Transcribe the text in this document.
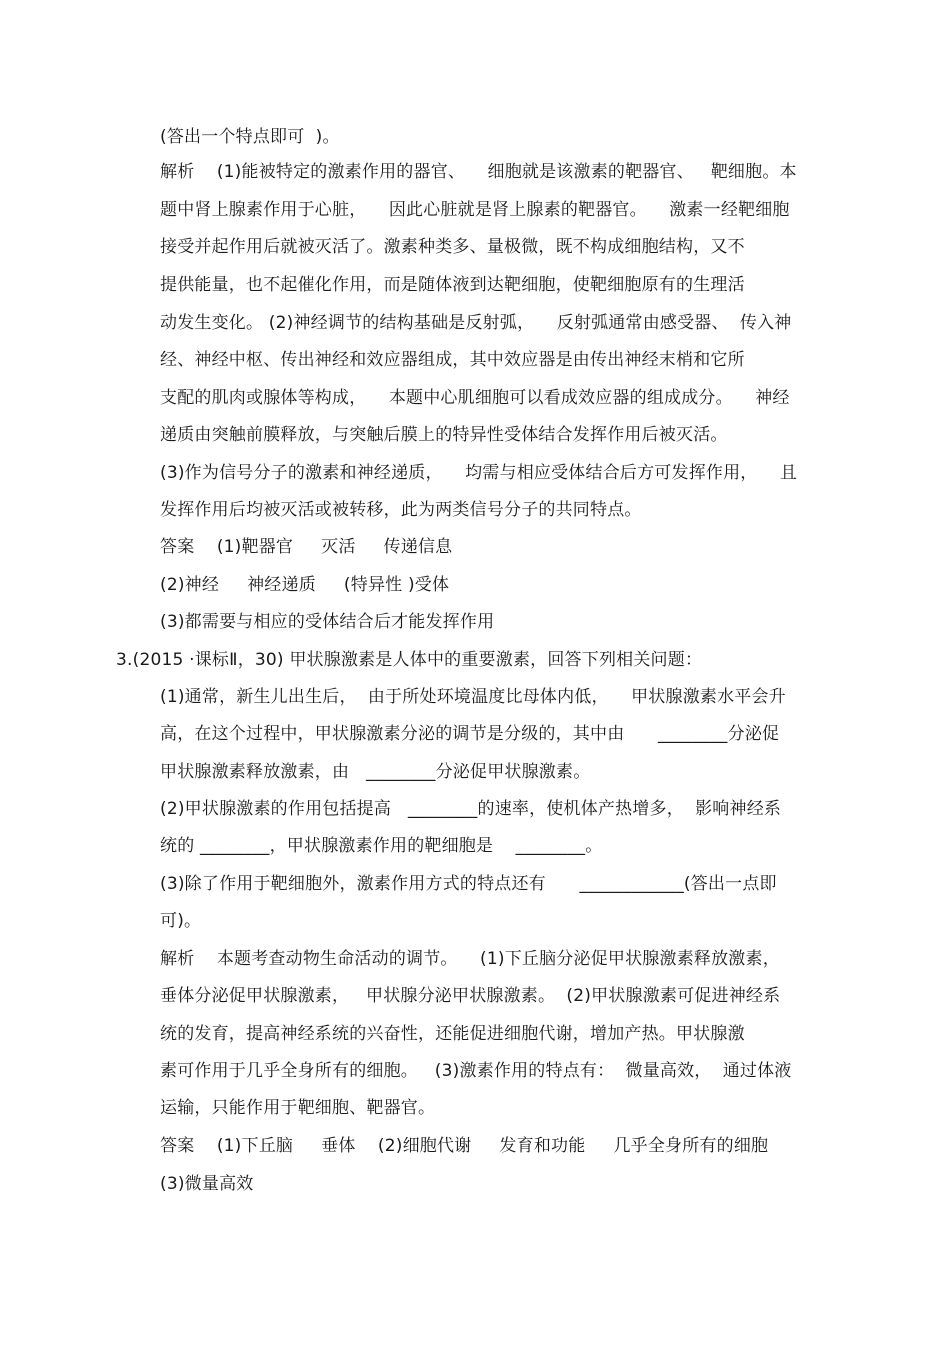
(答出一个特点即可  )。
解析    (1)能被特定的激素作用的器官、    细胞就是该激素的靶器官、   靶细胞。本
题中肾上腺素作用于心脏，    因此心脏就是肾上腺素的靶器官。    激素一经靶细胞
接受并起作用后就被灭活了。激素种类多、量极微，既不构成细胞结构，又不
提供能量，也不起催化作用，而是随体液到达靶细胞，使靶细胞原有的生理活
动发生变化。 (2)神经调节的结构基础是反射弧，    反射弧通常由感受器、  传入神
经、神经中枢、传出神经和效应器组成，其中效应器是由传出神经末梢和它所
支配的肌肉或腺体等构成，    本题中心肌细胞可以看成效应器的组成成分。    神经
递质由突触前膜释放，与突触后膜上的特异性受体结合发挥作用后被灭活。
(3)作为信号分子的激素和神经递质，    均需与相应受体结合后方可发挥作用，    且
发挥作用后均被灭活或被转移，此为两类信号分子的共同特点。
答案    (1)靶器官     灭活     传递信息
(2)神经     神经递质     (特异性 )受体
(3)都需要与相应的受体结合后才能发挥作用
3.(2015 ·课标Ⅱ，30) 甲状腺激素是人体中的重要激素，回答下列相关问题：
(1)通常，新生儿出生后，  由于所处环境温度比母体内低，    甲状腺激素水平会升
高，在这个过程中，甲状腺激素分泌的调节是分级的，其中由      ________分泌促
甲状腺激素释放激素，由   ________分泌促甲状腺激素。
(2)甲状腺激素的作用包括提高   ________的速率，使机体产热增多，  影响神经系
统的 ________，甲状腺激素作用的靶细胞是    ________。
(3)除了作用于靶细胞外，激素作用方式的特点还有      ____________(答出一点即
可)。
解析    本题考查动物生命活动的调节。    (1)下丘脑分泌促甲状腺激素释放激素，
垂体分泌促甲状腺激素，   甲状腺分泌甲状腺激素。  (2)甲状腺激素可促进神经系
统的发育，提高神经系统的兴奋性，还能促进细胞代谢，增加产热。甲状腺激
素可作用于几乎全身所有的细胞。   (3)激素作用的特点有：  微量高效，  通过体液
运输，只能作用于靶细胞、靶器官。
答案    (1)下丘脑     垂体    (2)细胞代谢     发育和功能     几乎全身所有的细胞
(3)微量高效
